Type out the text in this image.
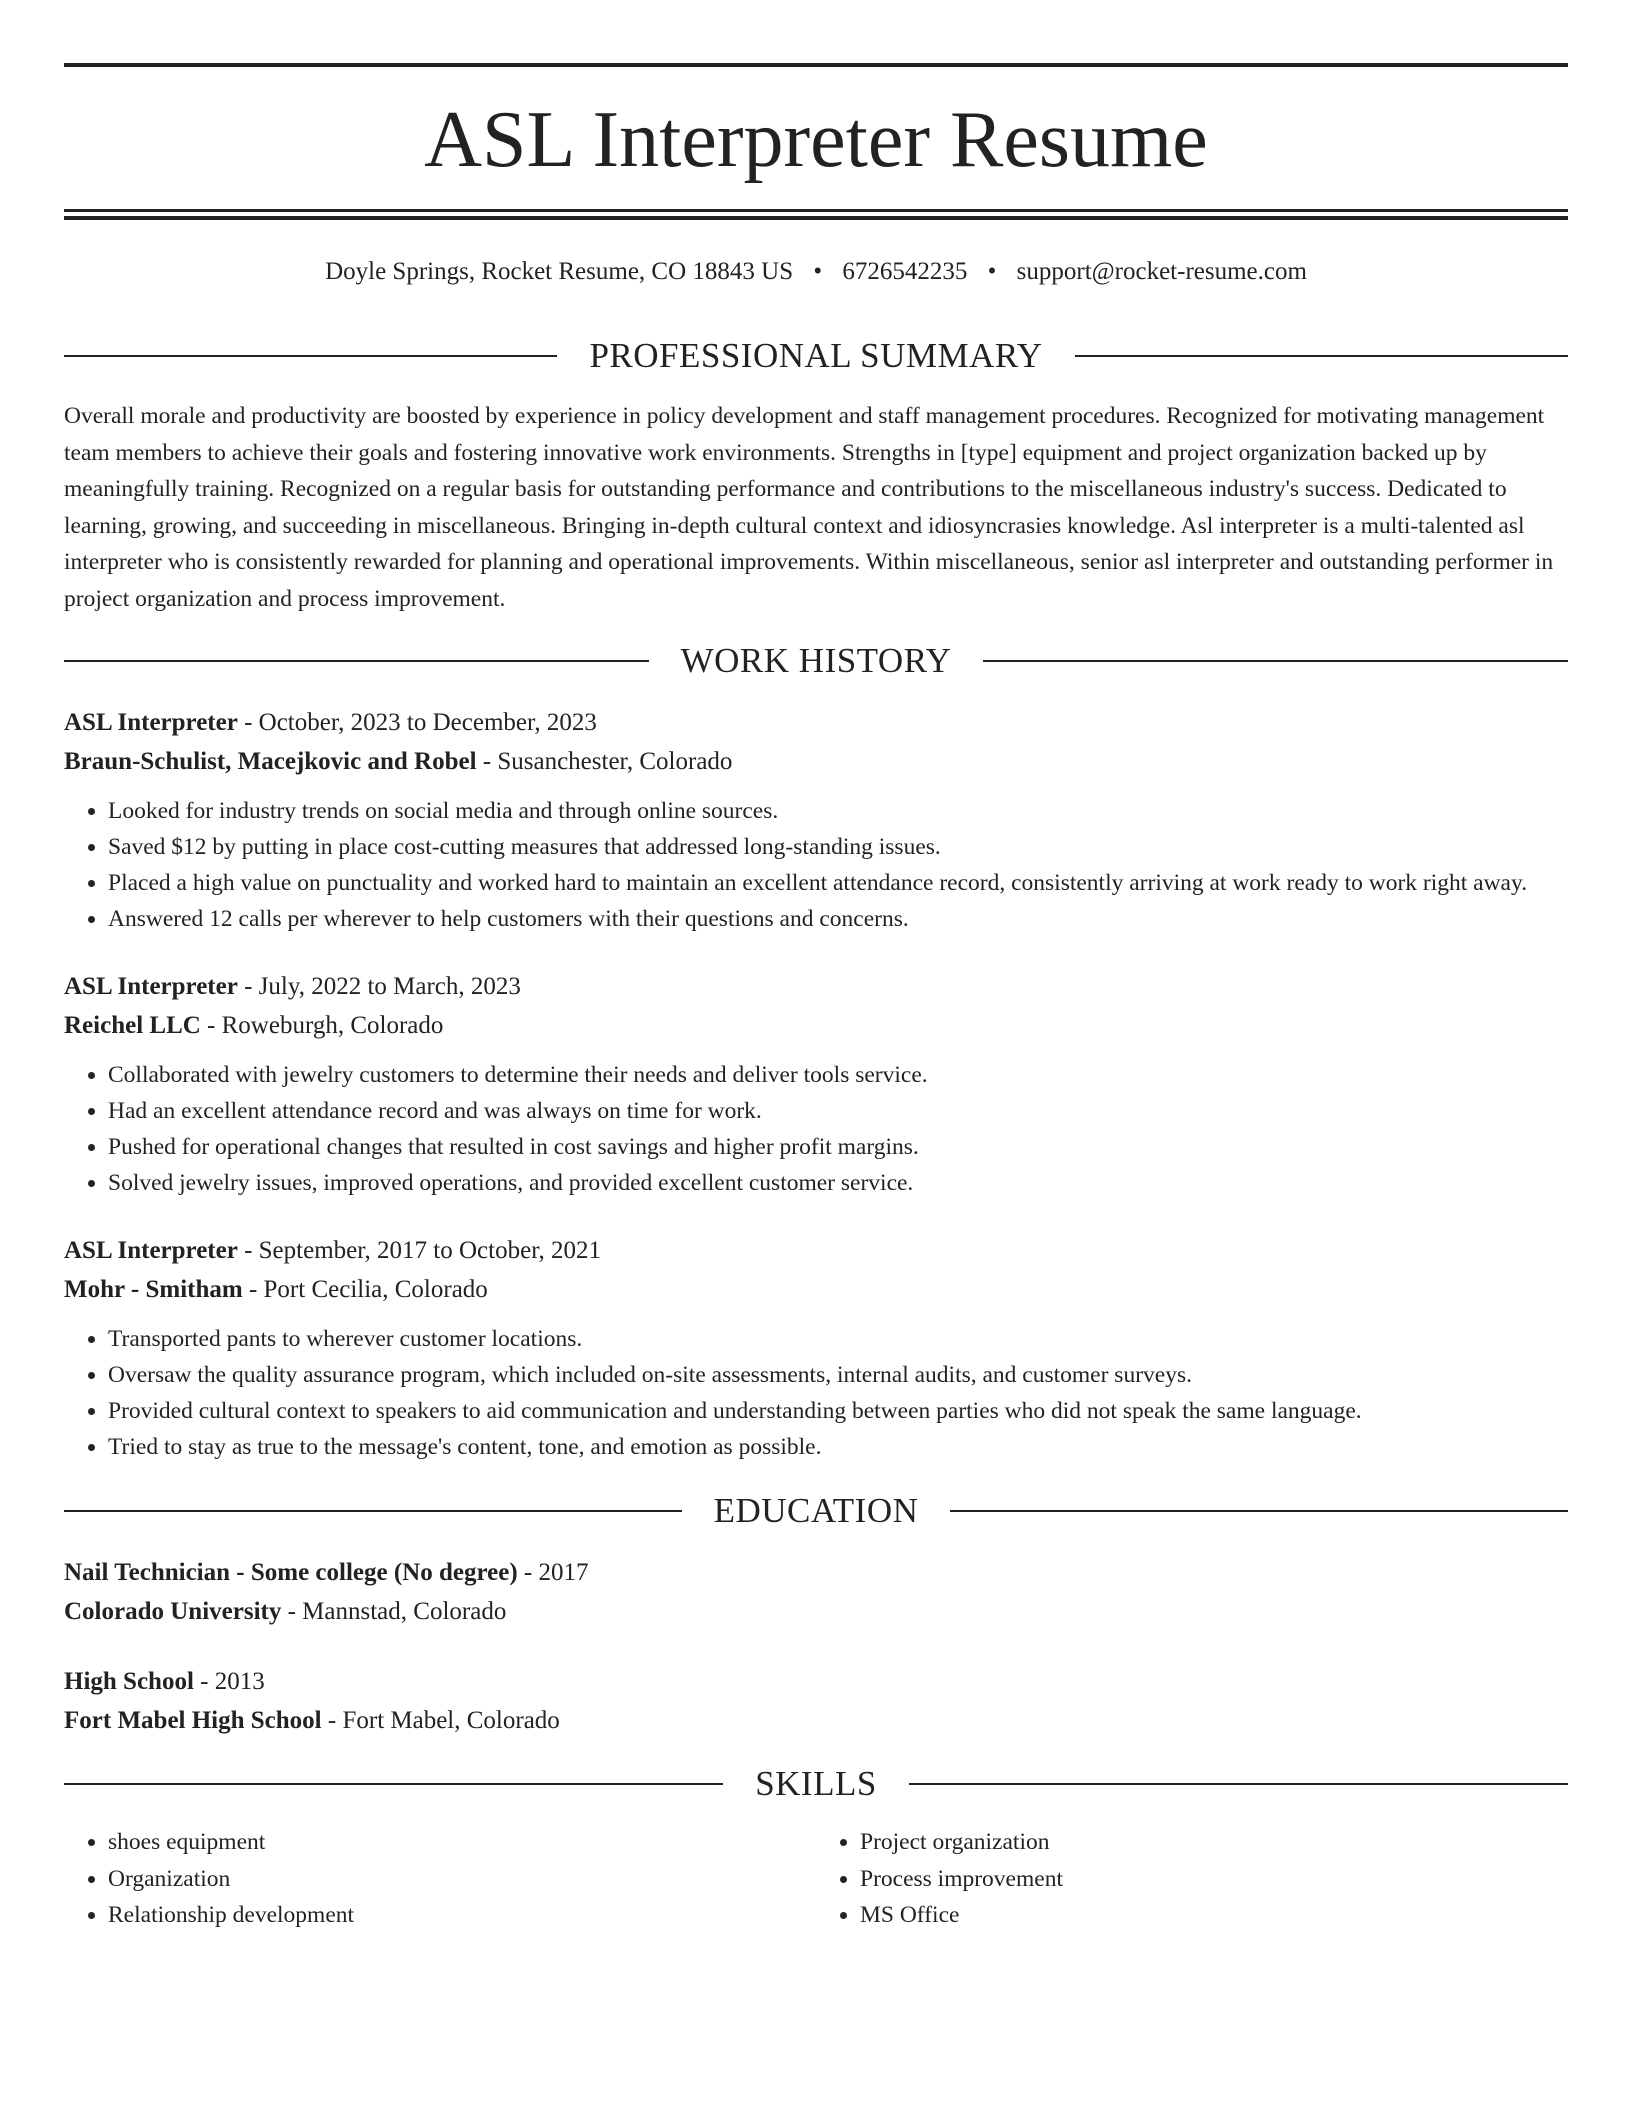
ASL Interpreter Resume
Doyle Springs, Rocket Resume, CO 18843 US • 6726542235 • support@rocket-resume.com
PROFESSIONAL SUMMARY

Overall morale and productivity are boosted by experience in policy development and staff management procedures. Recognized for motivating management team members to achieve their goals and fostering innovative work environments. Strengths in [type] equipment and project organization backed up by meaningfully training. Recognized on a regular basis for outstanding performance and contributions to the miscellaneous industry's success. Dedicated to learning, growing, and succeeding in miscellaneous. Bringing in-depth cultural context and idiosyncrasies knowledge. Asl interpreter is a multi-talented asl interpreter who is consistently rewarded for planning and operational improvements. Within miscellaneous, senior asl interpreter and outstanding performer in project organization and process improvement.

WORK HISTORY
ASL Interpreter - October, 2023 to December, 2023
Braun-Schulist, Macejkovic and Robel - Susanchester, Colorado
• Looked for industry trends on social media and through online sources.
• Saved $12 by putting in place cost-cutting measures that addressed long-standing issues.
• Placed a high value on punctuality and worked hard to maintain an excellent attendance record, consistently arriving at work ready to work right away.
• Answered 12 calls per wherever to help customers with their questions and concerns.
ASL Interpreter - July, 2022 to March, 2023
Reichel LLC - Roweburgh, Colorado
• Collaborated with jewelry customers to determine their needs and deliver tools service.
• Had an excellent attendance record and was always on time for work.
• Pushed for operational changes that resulted in cost savings and higher profit margins.
• Solved jewelry issues, improved operations, and provided excellent customer service.
ASL Interpreter - September, 2017 to October, 2021
Mohr - Smitham - Port Cecilia, Colorado
• Transported pants to wherever customer locations.
• Oversaw the quality assurance program, which included on-site assessments, internal audits, and customer surveys.
• Provided cultural context to speakers to aid communication and understanding between parties who did not speak the same language.
• Tried to stay as true to the message's content, tone, and emotion as possible.
EDUCATION
Nail Technician - Some college (No degree) - 2017
Colorado University - Mannstad, Colorado
High School - 2013
Fort Mabel High School - Fort Mabel, Colorado
SKILLS
• shoes equipment
• Organization
• Relationship development
• Project organization
• Process improvement
• MS Office
